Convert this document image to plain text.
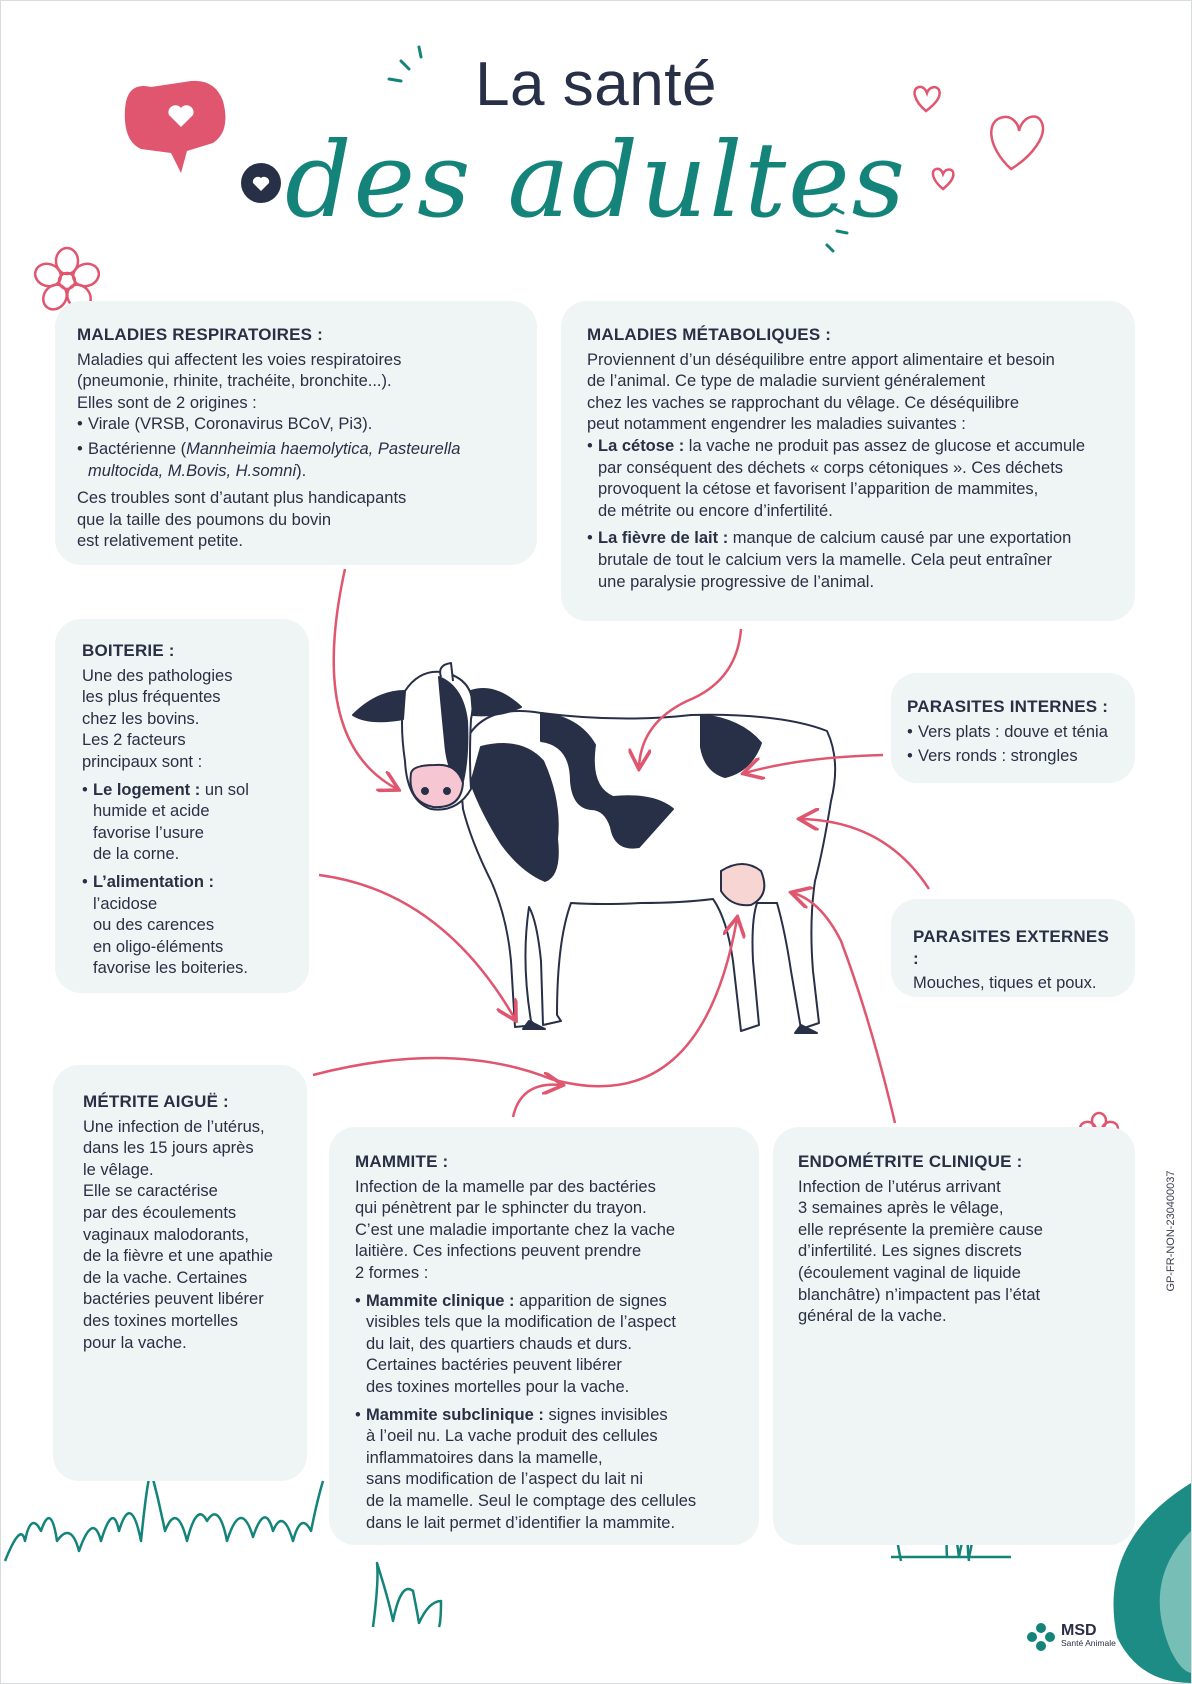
La santé
des adultes
MALADIES RESPIRATOIRES :

Maladies qui affectent les voies respiratoires
(pneumonie, rhinite, trachéite, bronchite...).
Elles sont de 2 origines :

• Virale (VRSB, Coronavirus BCoV, Pi3).
• Bactérienne (Mannheimia haemolytica, Pasteurella
multocida, M.Bovis, H.somni).

Ces troubles sont d’autant plus handicapants
que la taille des poumons du bovin
est relativement petite.

MALADIES MÉTABOLIQUES :

Proviennent d’un déséquilibre entre apport alimentaire et besoin
de l’animal. Ce type de maladie survient généralement
chez les vaches se rapprochant du vêlage. Ce déséquilibre
peut notamment engendrer les maladies suivantes :

• La cétose : la vache ne produit pas assez de glucose et accumule
par conséquent des déchets « corps cétoniques ». Ces déchets
provoquent la cétose et favorisent l’apparition de mammites,
de métrite ou encore d’infertilité.
• La fièvre de lait : manque de calcium causé par une exportation
brutale de tout le calcium vers la mamelle. Cela peut entraîner
une paralysie progressive de l’animal.
BOITERIE :

Une des pathologies
les plus fréquentes
chez les bovins.
Les 2 facteurs
principaux sont :

• Le logement : un sol
humide et acide
favorise l’usure
de la corne.
• L’alimentation :
l’acidose
ou des carences
en oligo-éléments
favorise les boiteries.
PARASITES INTERNES :
• Vers plats : douve et ténia
• Vers ronds : strongles
PARASITES EXTERNES :

Mouches, tiques et poux.

MÉTRITE AIGUË :

Une infection de l’utérus,
dans les 15 jours après
le vêlage.
Elle se caractérise
par des écoulements
vaginaux malodorants,
de la fièvre et une apathie
de la vache. Certaines
bactéries peuvent libérer
des toxines mortelles
pour la vache.

MAMMITE :

Infection de la mamelle par des bactéries
qui pénètrent par le sphincter du trayon.
C’est une maladie importante chez la vache
laitière. Ces infections peuvent prendre
2 formes :

• Mammite clinique : apparition de signes
visibles tels que la modification de l’aspect
du lait, des quartiers chauds et durs.
Certaines bactéries peuvent libérer
des toxines mortelles pour la vache.
• Mammite subclinique : signes invisibles
à l’oeil nu. La vache produit des cellules
inflammatoires dans la mamelle,
sans modification de l’aspect du lait ni
de la mamelle. Seul le comptage des cellules
dans le lait permet d’identifier la mammite.
ENDOMÉTRITE CLINIQUE :

Infection de l’utérus arrivant
3 semaines après le vêlage,
elle représente la première cause
d’infertilité. Les signes discrets
(écoulement vaginal de liquide
blanchâtre) n’impactent pas l’état
général de la vache.

GP-FR-NON-230400037
MSD
Santé Animale
